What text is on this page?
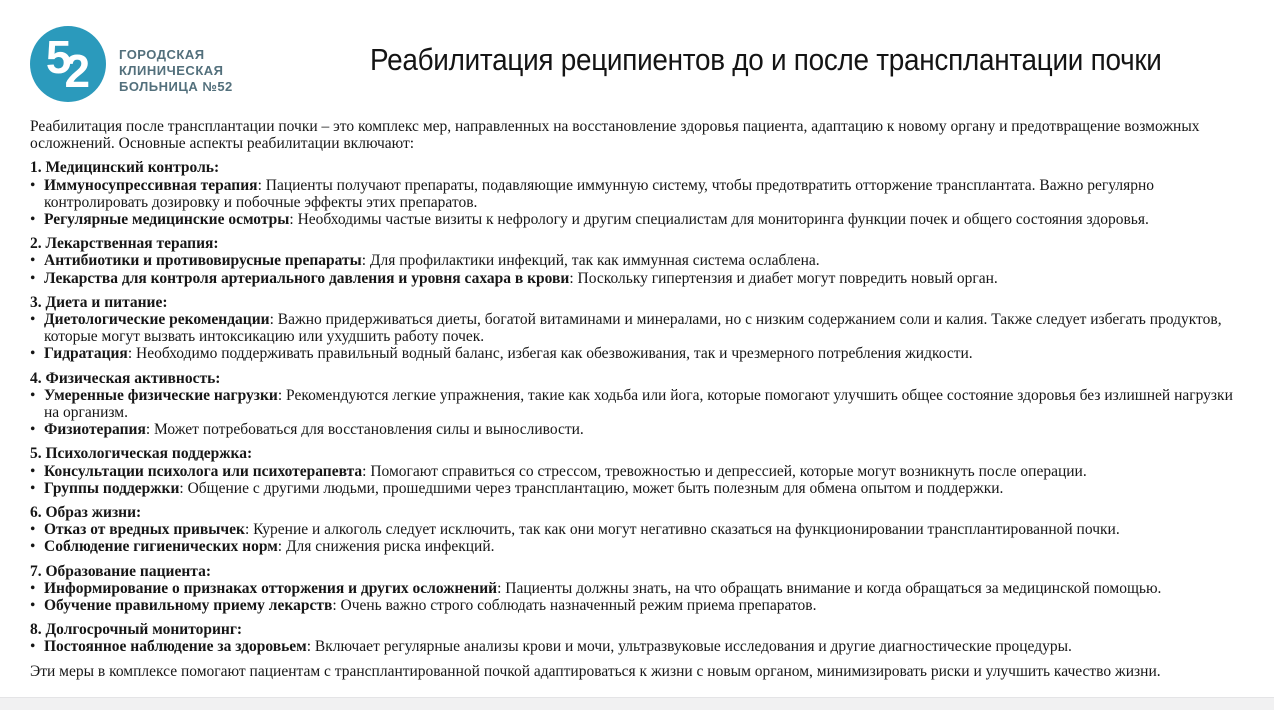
5
2 ГОРОДСКАЯ
КЛИНИЧЕСКАЯ
БОЛЬНИЦА №52
Реабилитация реципиентов до и после трансплантации почки

Реабилитация после трансплантации почки – это комплекс мер, направленных на восстановление здоровья пациента, адаптацию к новому органу и предотвращение возможных осложнений. Основные аспекты реабилитации включают:

1. Медицинский контроль:

• Иммуносупрессивная терапия: Пациенты получают препараты, подавляющие иммунную систему, чтобы предотвратить отторжение трансплантата. Важно регулярно контролировать дозировку и побочные эффекты этих препаратов.

• Регулярные медицинские осмотры: Необходимы частые визиты к нефрологу и другим специалистам для мониторинга функции почек и общего состояния здоровья.

2. Лекарственная терапия:

• Антибиотики и противовирусные препараты: Для профилактики инфекций, так как иммунная система ослаблена.

• Лекарства для контроля артериального давления и уровня сахара в крови: Поскольку гипертензия и диабет могут повредить новый орган.

3. Диета и питание:

• Диетологические рекомендации: Важно придерживаться диеты, богатой витаминами и минералами, но с низким содержанием соли и калия. Также следует избегать продуктов, которые могут вызвать интоксикацию или ухудшить работу почек.

• Гидратация: Необходимо поддерживать правильный водный баланс, избегая как обезвоживания, так и чрезмерного потребления жидкости.

4. Физическая активность:

• Умеренные физические нагрузки: Рекомендуются легкие упражнения, такие как ходьба или йога, которые помогают улучшить общее состояние здоровья без излишней нагрузки на организм.

• Физиотерапия: Может потребоваться для восстановления силы и выносливости.

5. Психологическая поддержка:

• Консультации психолога или психотерапевта: Помогают справиться со стрессом, тревожностью и депрессией, которые могут возникнуть после операции.

• Группы поддержки: Общение с другими людьми, прошедшими через трансплантацию, может быть полезным для обмена опытом и поддержки.

6. Образ жизни:

• Отказ от вредных привычек: Курение и алкоголь следует исключить, так как они могут негативно сказаться на функционировании трансплантированной почки.

• Соблюдение гигиенических норм: Для снижения риска инфекций.

7. Образование пациента:

• Информирование о признаках отторжения и других осложнений: Пациенты должны знать, на что обращать внимание и когда обращаться за медицинской помощью.

• Обучение правильному приему лекарств: Очень важно строго соблюдать назначенный режим приема препаратов.

8. Долгосрочный мониторинг:

• Постоянное наблюдение за здоровьем: Включает регулярные анализы крови и мочи, ультразвуковые исследования и другие диагностические процедуры.

Эти меры в комплексе помогают пациентам с трансплантированной почкой адаптироваться к жизни с новым органом, минимизировать риски и улучшить качество жизни.
